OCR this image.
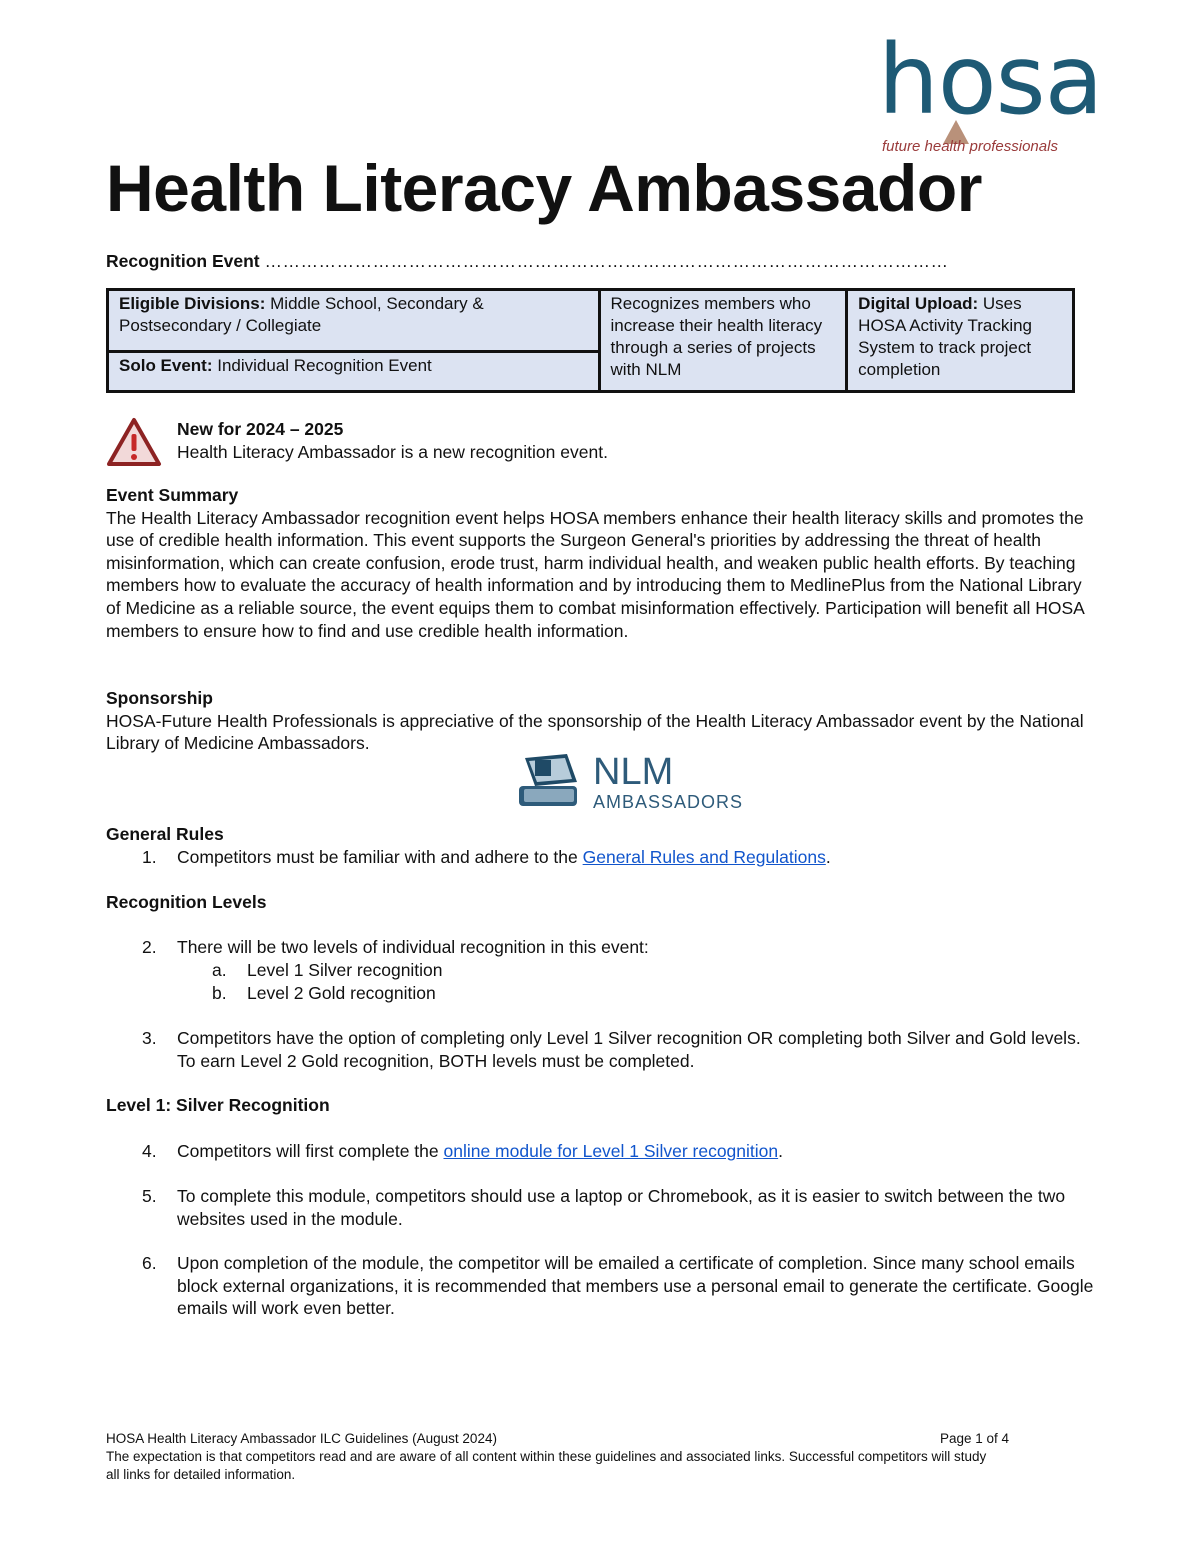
hosa
future health professionals
Health Literacy Ambassador
Recognition Event ……………………………………………………………………………………………………
Eligible Divisions: Middle School, Secondary & Postsecondary / Collegiate	Recognizes members who increase their health literacy through a series of projects with NLM	Digital Upload: Uses HOSA Activity Tracking System to track project completion
Solo Event: Individual Recognition Event
New for 2024 – 2025
Health Literacy Ambassador is a new recognition event.
Event Summary
The Health Literacy Ambassador recognition event helps HOSA members enhance their health literacy skills and promotes the use of credible health information. This event supports the Surgeon General's priorities by addressing the threat of health misinformation, which can create confusion, erode trust, harm individual health, and weaken public health efforts. By teaching members how to evaluate the accuracy of health information and by introducing them to MedlinePlus from the National Library of Medicine as a reliable source, the event equips them to combat misinformation effectively. Participation will benefit all HOSA members to ensure how to find and use credible health information.
Sponsorship
HOSA-Future Health Professionals is appreciative of the sponsorship of the Health Literacy Ambassador event by the National Library of Medicine Ambassadors.
NLM
AMBASSADORS
General Rules
1. Competitors must be familiar with and adhere to the General Rules and Regulations.
Recognition Levels
2. There will be two levels of individual recognition in this event:
a. Level 1 Silver recognition
b. Level 2 Gold recognition
3. Competitors have the option of completing only Level 1 Silver recognition OR completing both Silver and Gold levels. To earn Level 2 Gold recognition, BOTH levels must be completed.
Level 1: Silver Recognition
4. Competitors will first complete the online module for Level 1 Silver recognition.
5. To complete this module, competitors should use a laptop or Chromebook, as it is easier to switch between the two websites used in the module.
6. Upon completion of the module, the competitor will be emailed a certificate of completion. Since many school emails block external organizations, it is recommended that members use a personal email to generate the certificate. Google emails will work even better.
HOSA Health Literacy Ambassador ILC Guidelines (August 2024)	Page 1 of 4
The expectation is that competitors read and are aware of all content within these guidelines and associated links. Successful competitors will study all links for detailed information.
